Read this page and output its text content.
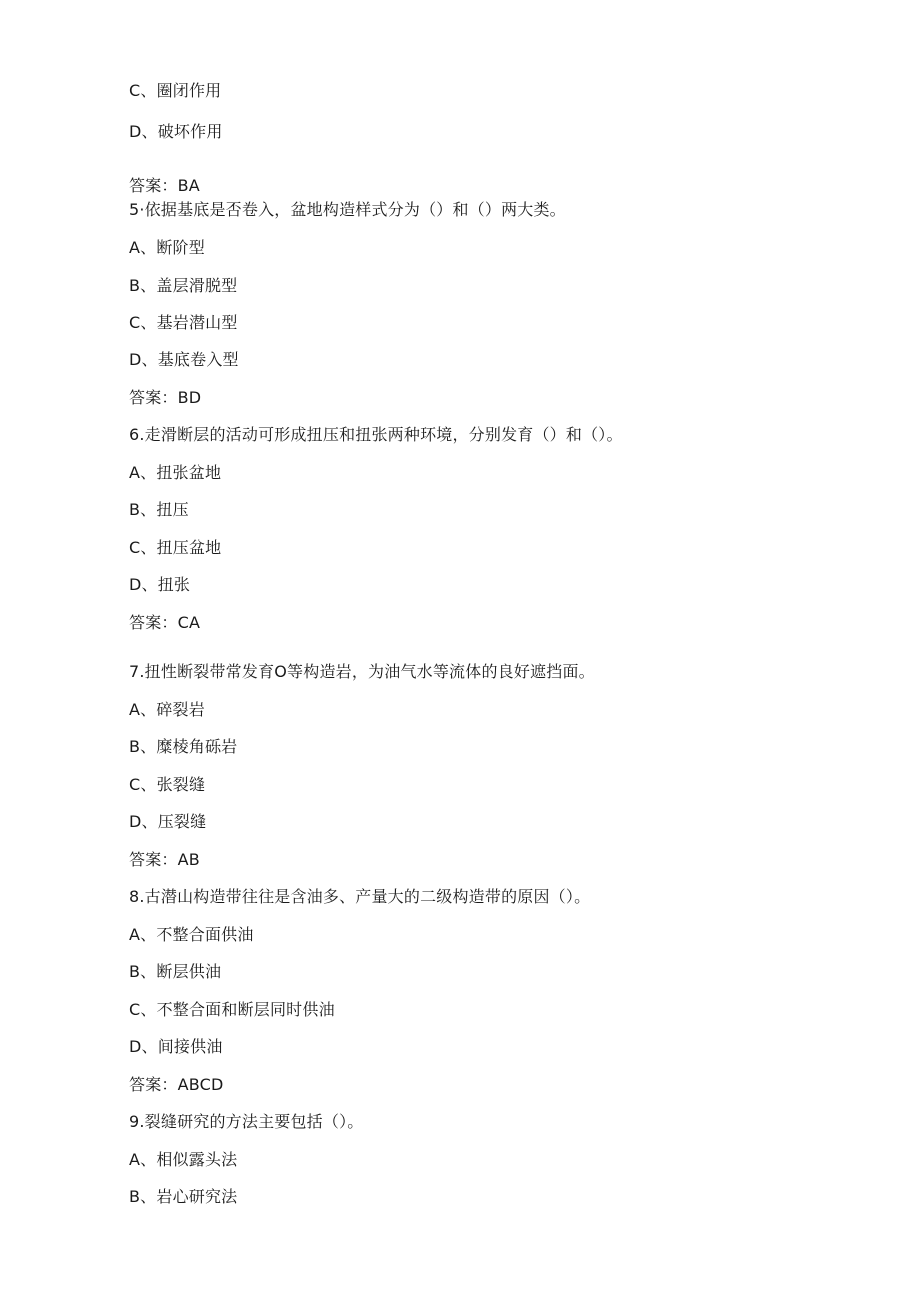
C、圈闭作用
D、破坏作用
答案：BA
5·依据基底是否卷入，盆地构造样式分为（）和（）两大类。
A、断阶型
B、盖层滑脱型
C、基岩潜山型
D、基底卷入型
答案：BD
6.走滑断层的活动可形成扭压和扭张两种环境，分别发育（）和（）。
A、扭张盆地
B、扭压
C、扭压盆地
D、扭张
答案：CA
7.扭性断裂带常发育O等构造岩，为油气水等流体的良好遮挡面。
A、碎裂岩
B、糜棱角砾岩
C、张裂缝
D、压裂缝
答案：AB
8.古潜山构造带往往是含油多、产量大的二级构造带的原因（）。
A、不整合面供油
B、断层供油
C、不整合面和断层同时供油
D、间接供油
答案：ABCD
9.裂缝研究的方法主要包括（）。
A、相似露头法
B、岩心研究法
